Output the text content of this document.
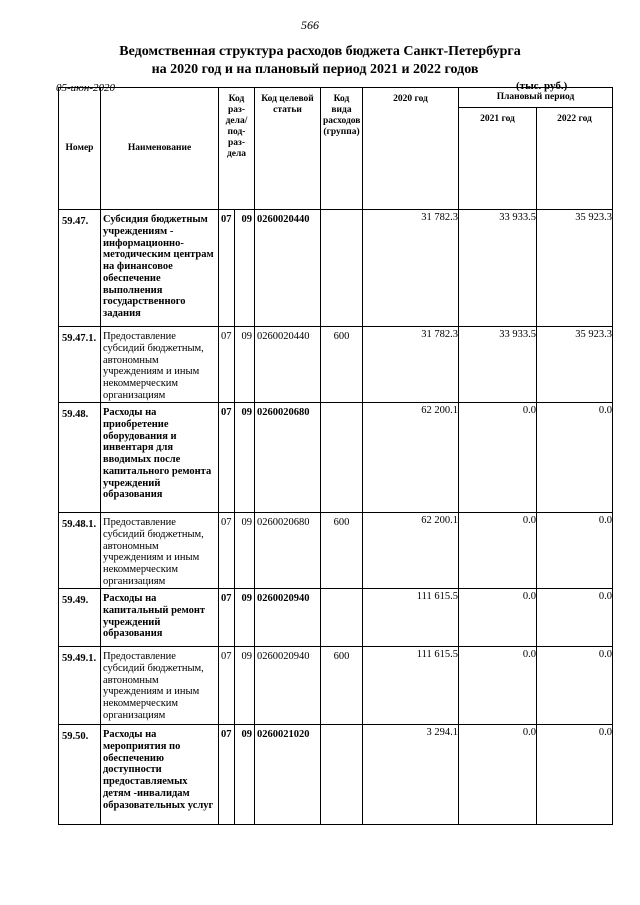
566
Ведомственная структура расходов бюджета Санкт-Петербурга
на 2020 год и на плановый период 2021 и 2022 годов
05-июн-2020	(тыс. руб.)
Номер	Наименование	Код раз- дела/ под- раз- дела		Код целевой статьи	Код вида расходов (группа)	2020 год	Плановый период	
							2021 год	2022 год
59.47.	Субсидия бюджетным учреждениям - информационно-методическим центрам на финансовое обеспечение выполнения государственного задания	07	09	0260020440		31 782.3	33 933.5	35 923.3
59.47.1.	Предоставление субсидий бюджетным, автономным учреждениям и иным некоммерческим организациям	07	09	0260020440	600	31 782.3	33 933.5	35 923.3
59.48.	Расходы на приобретение оборудования и инвентаря для вводимых после капитального ремонта учреждений образования	07	09	0260020680		62 200.1	0.0	0.0
59.48.1.	Предоставление субсидий бюджетным, автономным учреждениям и иным некоммерческим организациям	07	09	0260020680	600	62 200.1	0.0	0.0
59.49.	Расходы на капитальный ремонт учреждений образования	07	09	0260020940		111 615.5	0.0	0.0
59.49.1.	Предоставление субсидий бюджетным, автономным учреждениям и иным некоммерческим организациям	07	09	0260020940	600	111 615.5	0.0	0.0
59.50.	Расходы на мероприятия по обеспечению доступности предоставляемых детям -инвалидам образовательных услуг	07	09	0260021020		3 294.1	0.0	0.0
